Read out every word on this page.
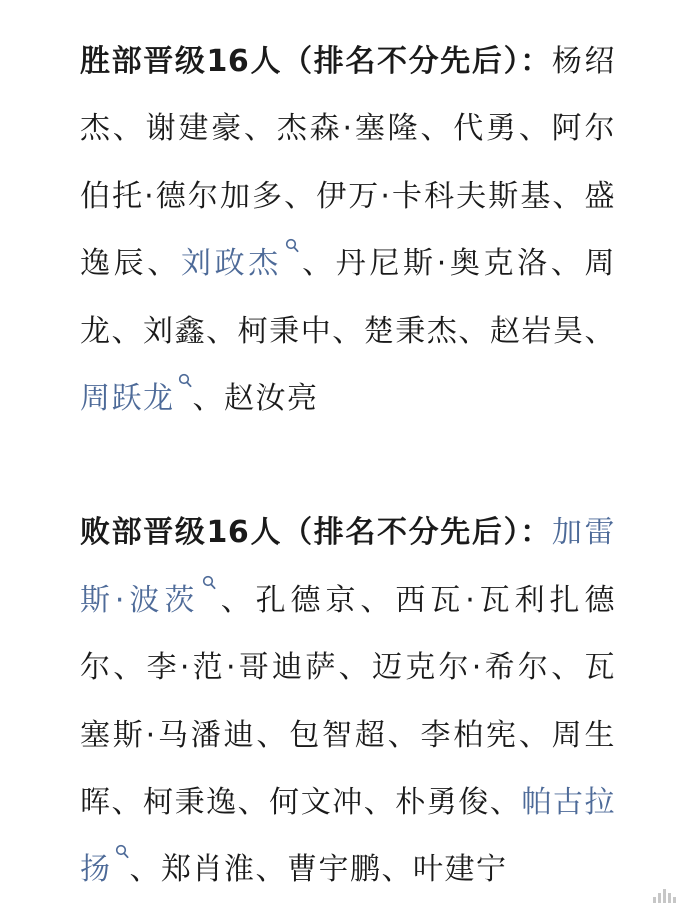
胜部晋级16人（排名不分先后）：杨绍杰、谢建豪、杰森·塞隆、代勇、阿尔伯托·德尔加多、伊万·卡科夫斯基、盛逸辰、刘政杰 、丹尼斯·奥克洛、周龙、刘鑫、柯秉中、楚秉杰、赵岩昊、周跃龙 、赵汝亮

败部晋级16人（排名不分先后）：加雷斯·波茨 、孔德京、西瓦·瓦利扎德尔、李·范·哥迪萨、迈克尔·希尔、瓦塞斯·马潘迪、包智超、李柏宪、周生晖、柯秉逸、何文冲、朴勇俊、帕古拉扬 、郑肖淮、曹宇鹏、叶建宁
